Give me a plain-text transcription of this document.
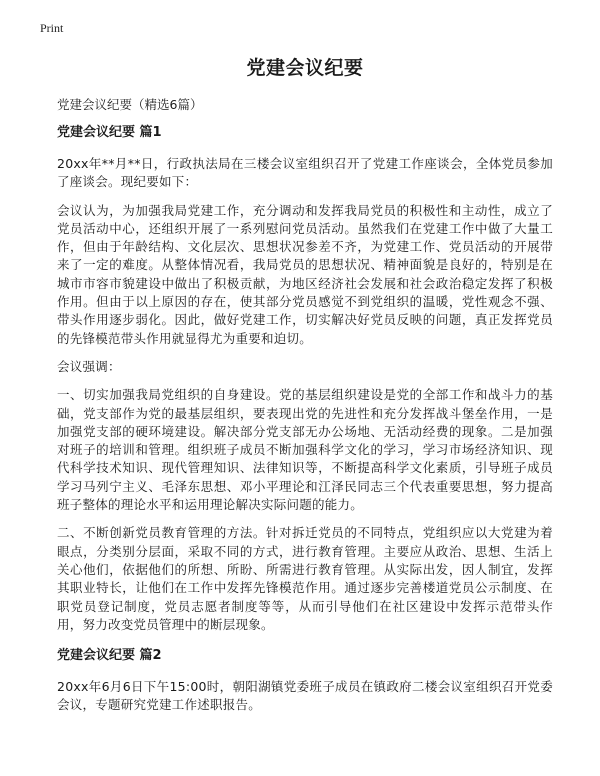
Print
党建会议纪要

党建会议纪要（精选6篇）

党建会议纪要 篇1

20xx年**月**日，行政执法局在三楼会议室组织召开了党建工作座谈会，全体党员参加了座谈会。现纪要如下：

会议认为，为加强我局党建工作，充分调动和发挥我局党员的积极性和主动性，成立了党员活动中心，还组织开展了一系列慰问党员活动。虽然我们在党建工作中做了大量工作，但由于年龄结构、文化层次、思想状况参差不齐，为党建工作、党员活动的开展带来了一定的难度。从整体情况看，我局党员的思想状况、精神面貌是良好的，特别是在城市市容市貌建设中做出了积极贡献，为地区经济社会发展和社会政治稳定发挥了积极作用。但由于以上原因的存在，使其部分党员感觉不到党组织的温暖，党性观念不强、带头作用逐步弱化。因此，做好党建工作，切实解决好党员反映的问题，真正发挥党员的先锋模范带头作用就显得尤为重要和迫切。

会议强调：

一、切实加强我局党组织的自身建设。党的基层组织建设是党的全部工作和战斗力的基础，党支部作为党的最基层组织，要表现出党的先进性和充分发挥战斗堡垒作用，一是加强党支部的硬环境建设。解决部分党支部无办公场地、无活动经费的现象。二是加强对班子的培训和管理。组织班子成员不断加强科学文化的学习，学习市场经济知识、现代科学技术知识、现代管理知识、法律知识等，不断提高科学文化素质，引导班子成员学习马列宁主义、毛泽东思想、邓小平理论和江泽民同志三个代表重要思想，努力提高班子整体的理论水平和运用理论解决实际问题的能力。

二、不断创新党员教育管理的方法。针对拆迁党员的不同特点，党组织应以大党建为着眼点，分类别分层面，采取不同的方式，进行教育管理。主要应从政治、思想、生活上关心他们，依据他们的所想、所盼、所需进行教育管理。从实际出发，因人制宜，发挥其职业特长，让他们在工作中发挥先锋模范作用。通过逐步完善楼道党员公示制度、在职党员登记制度，党员志愿者制度等等，从而引导他们在社区建设中发挥示范带头作用，努力改变党员管理中的断层现象。

党建会议纪要 篇2

20xx年6月6日下午15:00时，朝阳湖镇党委班子成员在镇政府二楼会议室组织召开党委会议，专题研究党建工作述职报告。
